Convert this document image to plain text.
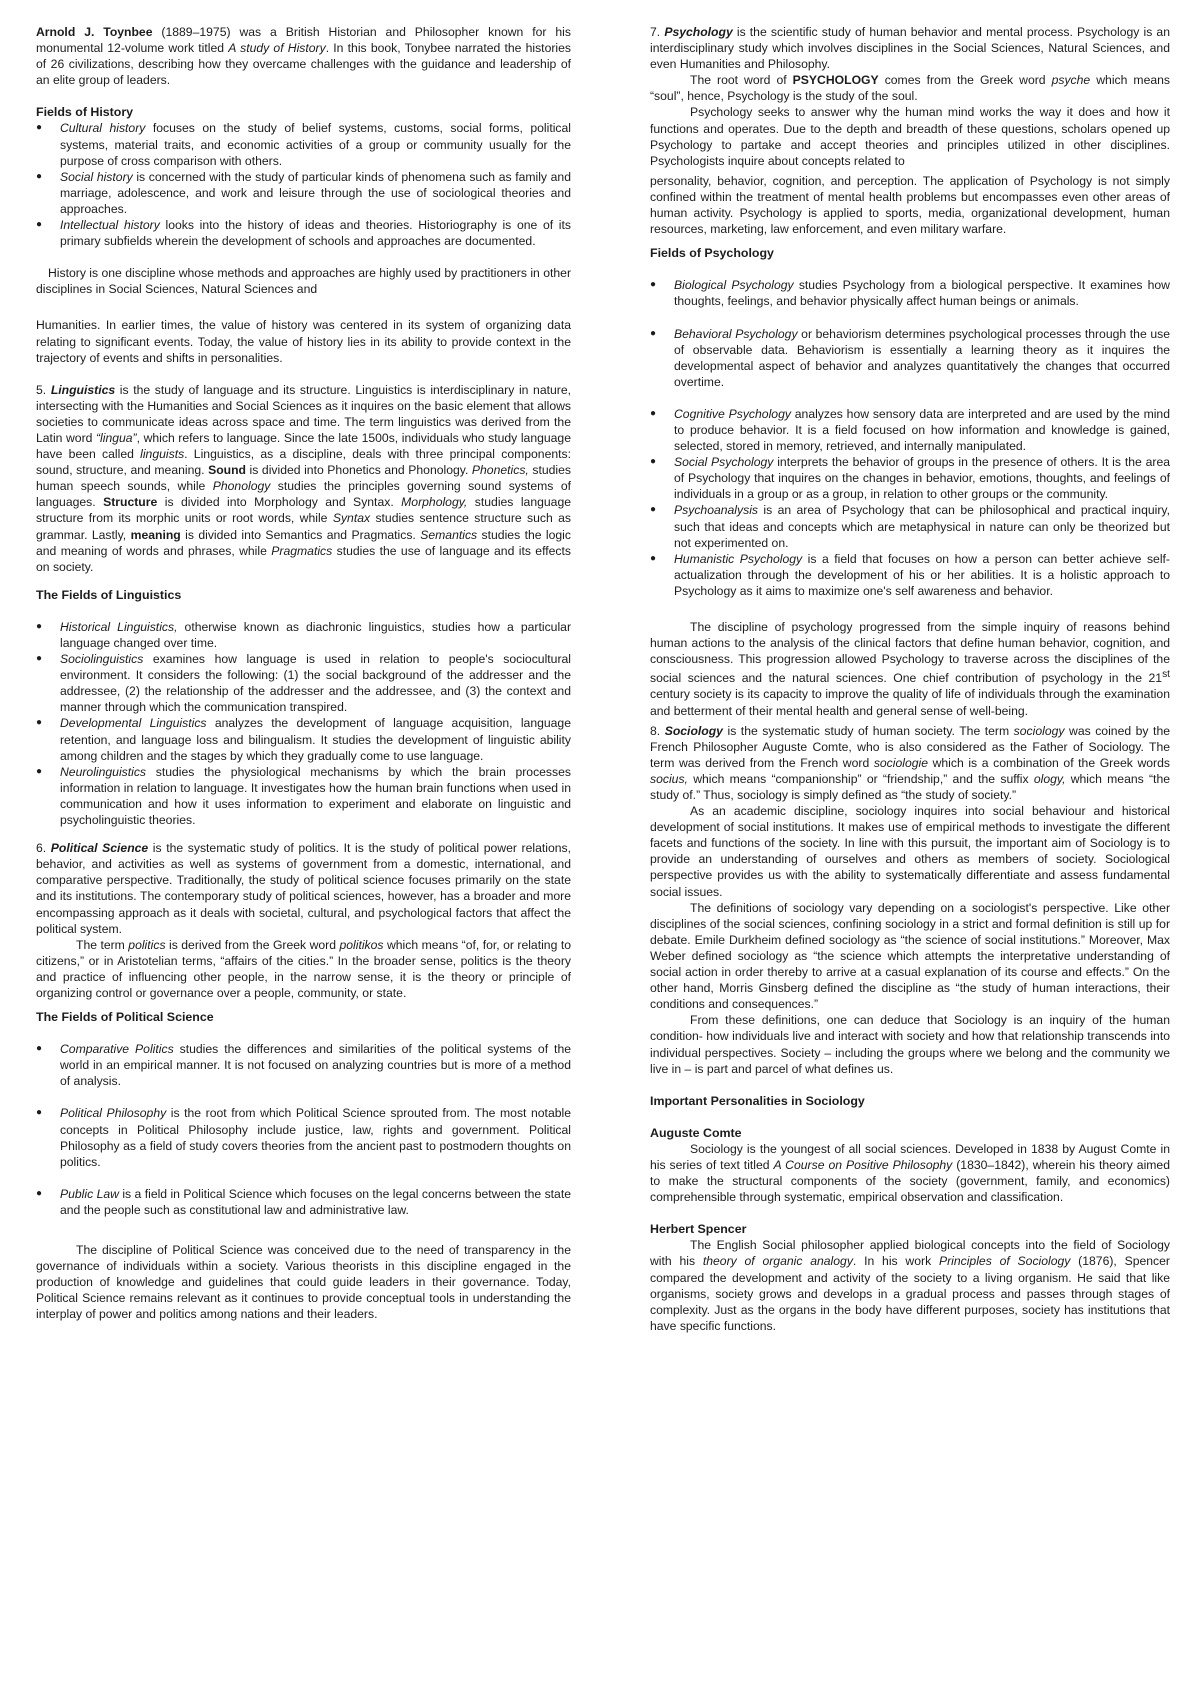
Arnold J. Toynbee (1889–1975) was a British Historian and Philosopher known for his monumental 12-volume work titled A study of History. In this book, Tonybee narrated the histories of 26 civilizations, describing how they overcame challenges with the guidance and leadership of an elite group of leaders.

Fields of History
● Cultural history focuses on the study of belief systems, customs, social forms, political systems, material traits, and economic activities of a group or community usually for the purpose of cross comparison with others.
● Social history is concerned with the study of particular kinds of phenomena such as family and marriage, adolescence, and work and leisure through the use of sociological theories and approaches.
● Intellectual history looks into the history of ideas and theories. Historiography is one of its primary subfields wherein the development of schools and approaches are documented.

History is one discipline whose methods and approaches are highly used by practitioners in other disciplines in Social Sciences, Natural Sciences and

Humanities. In earlier times, the value of history was centered in its system of organizing data relating to significant events. Today, the value of history lies in its ability to provide context in the trajectory of events and shifts in personalities.

5. Linguistics is the study of language and its structure. Linguistics is interdisciplinary in nature, intersecting with the Humanities and Social Sciences as it inquires on the basic element that allows societies to communicate ideas across space and time. The term linguistics was derived from the Latin word “lingua”, which refers to language. Since the late 1500s, individuals who study language have been called linguists. Linguistics, as a discipline, deals with three principal components: sound, structure, and meaning. Sound is divided into Phonetics and Phonology. Phonetics, studies human speech sounds, while Phonology studies the principles governing sound systems of languages. Structure is divided into Morphology and Syntax. Morphology, studies language structure from its morphic units or root words, while Syntax studies sentence structure such as grammar. Lastly, meaning is divided into Semantics and Pragmatics. Semantics studies the logic and meaning of words and phrases, while Pragmatics studies the use of language and its effects on society.

The Fields of Linguistics
● Historical Linguistics, otherwise known as diachronic linguistics, studies how a particular language changed over time.
● Sociolinguistics examines how language is used in relation to people's sociocultural environment. It considers the following: (1) the social background of the addresser and the addressee, (2) the relationship of the addresser and the addressee, and (3) the context and manner through which the communication transpired.
● Developmental Linguistics analyzes the development of language acquisition, language retention, and language loss and bilingualism. It studies the development of linguistic ability among children and the stages by which they gradually come to use language.
● Neurolinguistics studies the physiological mechanisms by which the brain processes information in relation to language. It investigates how the human brain functions when used in communication and how it uses information to experiment and elaborate on linguistic and psycholinguistic theories.

6. Political Science is the systematic study of politics. It is the study of political power relations, behavior, and activities as well as systems of government from a domestic, international, and comparative perspective. Traditionally, the study of political science focuses primarily on the state and its institutions. The contemporary study of political sciences, however, has a broader and more encompassing approach as it deals with societal, cultural, and psychological factors that affect the political system.

The term politics is derived from the Greek word politikos which means “of, for, or relating to citizens,” or in Aristotelian terms, “affairs of the cities.” In the broader sense, politics is the theory and practice of influencing other people, in the narrow sense, it is the theory or principle of organizing control or governance over a people, community, or state.

The Fields of Political Science
● Comparative Politics studies the differences and similarities of the political systems of the world in an empirical manner. It is not focused on analyzing countries but is more of a method of analysis.
● Political Philosophy is the root from which Political Science sprouted from. The most notable concepts in Political Philosophy include justice, law, rights and government. Political Philosophy as a field of study covers theories from the ancient past to postmodern thoughts on politics.
● Public Law is a field in Political Science which focuses on the legal concerns between the state and the people such as constitutional law and administrative law.

The discipline of Political Science was conceived due to the need of transparency in the governance of individuals within a society. Various theorists in this discipline engaged in the production of knowledge and guidelines that could guide leaders in their governance. Today, Political Science remains relevant as it continues to provide conceptual tools in understanding the interplay of power and politics among nations and their leaders.

7. Psychology is the scientific study of human behavior and mental process. Psychology is an interdisciplinary study which involves disciplines in the Social Sciences, Natural Sciences, and even Humanities and Philosophy.

The root word of PSYCHOLOGY comes from the Greek word psyche which means “soul”, hence, Psychology is the study of the soul.

Psychology seeks to answer why the human mind works the way it does and how it functions and operates. Due to the depth and breadth of these questions, scholars opened up Psychology to partake and accept theories and principles utilized in other disciplines. Psychologists inquire about concepts related to

personality, behavior, cognition, and perception. The application of Psychology is not simply confined within the treatment of mental health problems but encompasses even other areas of human activity. Psychology is applied to sports, media, organizational development, human resources, marketing, law enforcement, and even military warfare.

Fields of Psychology
● Biological Psychology studies Psychology from a biological perspective. It examines how thoughts, feelings, and behavior physically affect human beings or animals.
● Behavioral Psychology or behaviorism determines psychological processes through the use of observable data. Behaviorism is essentially a learning theory as it inquires the developmental aspect of behavior and analyzes quantitatively the changes that occurred overtime.
● Cognitive Psychology analyzes how sensory data are interpreted and are used by the mind to produce behavior. It is a field focused on how information and knowledge is gained, selected, stored in memory, retrieved, and internally manipulated.
● Social Psychology interprets the behavior of groups in the presence of others. It is the area of Psychology that inquires on the changes in behavior, emotions, thoughts, and feelings of individuals in a group or as a group, in relation to other groups or the community.
● Psychoanalysis is an area of Psychology that can be philosophical and practical inquiry, such that ideas and concepts which are metaphysical in nature can only be theorized but not experimented on.
● Humanistic Psychology is a field that focuses on how a person can better achieve self-actualization through the development of his or her abilities. It is a holistic approach to Psychology as it aims to maximize one's self awareness and behavior.

The discipline of psychology progressed from the simple inquiry of reasons behind human actions to the analysis of the clinical factors that define human behavior, cognition, and consciousness. This progression allowed Psychology to traverse across the disciplines of the social sciences and the natural sciences. One chief contribution of psychology in the 21st century society is its capacity to improve the quality of life of individuals through the examination and betterment of their mental health and general sense of well-being.

8. Sociology is the systematic study of human society. The term sociology was coined by the French Philosopher Auguste Comte, who is also considered as the Father of Sociology. The term was derived from the French word sociologie which is a combination of the Greek words socius, which means “companionship” or “friendship,” and the suffix ology, which means “the study of.” Thus, sociology is simply defined as “the study of society.”

As an academic discipline, sociology inquires into social behaviour and historical development of social institutions. It makes use of empirical methods to investigate the different facets and functions of the society. In line with this pursuit, the important aim of Sociology is to provide an understanding of ourselves and others as members of society. Sociological perspective provides us with the ability to systematically differentiate and assess fundamental social issues.

The definitions of sociology vary depending on a sociologist's perspective. Like other disciplines of the social sciences, confining sociology in a strict and formal definition is still up for debate. Emile Durkheim defined sociology as “the science of social institutions.” Moreover, Max Weber defined sociology as “the science which attempts the interpretative understanding of social action in order thereby to arrive at a casual explanation of its course and effects.” On the other hand, Morris Ginsberg defined the discipline as “the study of human interactions, their conditions and consequences.”

From these definitions, one can deduce that Sociology is an inquiry of the human condition- how individuals live and interact with society and how that relationship transcends into individual perspectives. Society – including the groups where we belong and the community we live in – is part and parcel of what defines us.

Important Personalities in Sociology
Auguste Comte

Sociology is the youngest of all social sciences. Developed in 1838 by August Comte in his series of text titled A Course on Positive Philosophy (1830–1842), wherein his theory aimed to make the structural components of the society (government, family, and economics) comprehensible through systematic, empirical observation and classification.

Herbert Spencer

The English Social philosopher applied biological concepts into the field of Sociology with his theory of organic analogy. In his work Principles of Sociology (1876), Spencer compared the development and activity of the society to a living organism. He said that like organisms, society grows and develops in a gradual process and passes through stages of complexity. Just as the organs in the body have different purposes, society has institutions that have specific functions.
